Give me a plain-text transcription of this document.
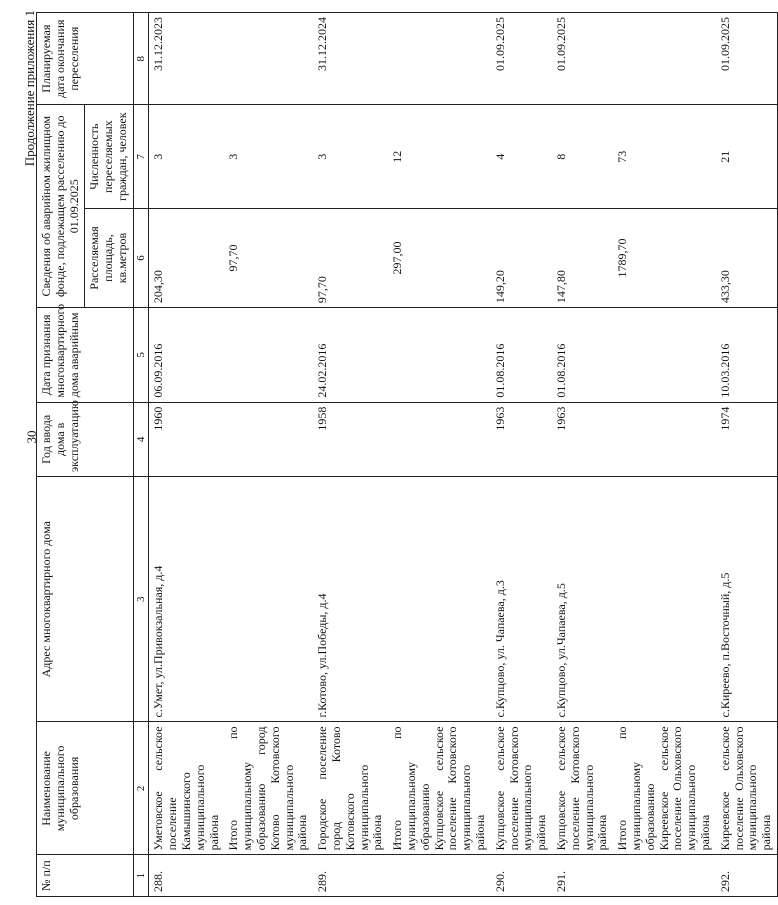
30
Продолжение приложения 1
№ п/п	Наименование муниципального образования	Адрес многоквартирного дома	Год ввода дома в эксплуатацию	Дата признания многоквартирного дома аварийным	Сведения об аварийном жилищном фонде, подлежащем расселению до 01.09.2025		Планируемая дата окончания переселения
					Расселяемая площадь, кв.метров	Численность переселяемых граждан, человек	
1	2	3	4	5	6	7	8
288.	Уметовское сельское поселение Камышинского муниципального района	с.Умет, ул.Привокзальная, д.4	1960	06.09.2016	204,30	3	31.12.2023
	Итого по муниципальному образованию город Котово Котовского муниципального района				97,70	3	
289.	Городское поселение город Котово Котовского муниципального района	г.Котово, ул.Победы, д.4	1958	24.02.2016	97,70	3	31.12.2024
	Итого по муниципальному образованию Купцовское сельское поселение Котовского муниципального района				297,00	12	
290.	Купцовское сельское поселение Котовского муниципального района	с.Купцово, ул. Чапаева, д.3	1963	01.08.2016	149,20	4	01.09.2025
291.	Купцовское сельское поселение Котовского муниципального района	с.Купцово, ул.Чапаева, д.5	1963	01.08.2016	147,80	8	01.09.2025
	Итого по муниципальному образованию Киреевское сельское поселение Ольховского муниципального района				1789,70	73	
292.	Киреевское сельское поселение Ольховского муниципального района	с.Киреево, п.Восточный, д.5	1974	10.03.2016	433,30	21	01.09.2025
